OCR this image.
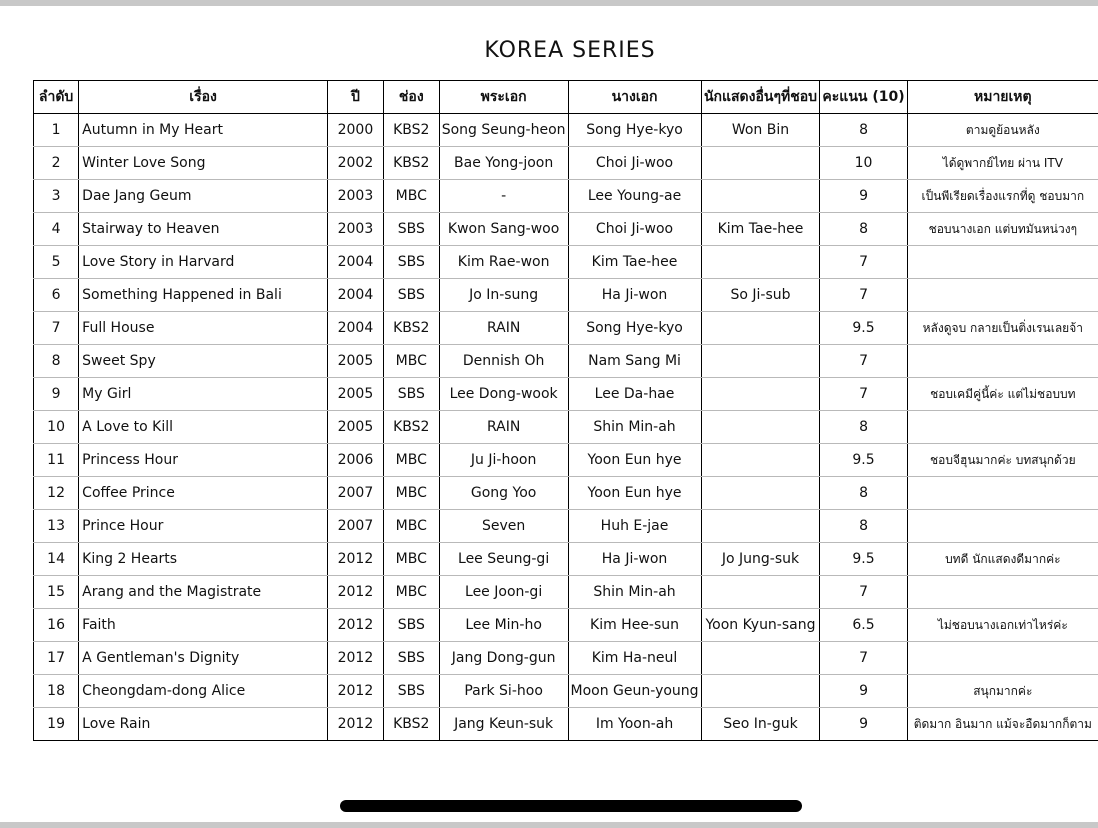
KOREA SERIES
ลำดับ	เรื่อง	ปี	ช่อง	พระเอก	นางเอก	นักแสดงอื่นๆที่ชอบ	คะแนน (10)	หมายเหตุ
1	Autumn in My Heart	2000	KBS2	Song Seung-heon	Song Hye-kyo	Won Bin	8	ตามดูย้อนหลัง
2	Winter Love Song	2002	KBS2	Bae Yong-joon	Choi Ji-woo		10	ได้ดูพากย์ไทย ผ่าน ITV
3	Dae Jang Geum	2003	MBC	-	Lee Young-ae		9	เป็นพีเรียดเรื่องแรกที่ดู ชอบมาก
4	Stairway to Heaven	2003	SBS	Kwon Sang-woo	Choi Ji-woo	Kim Tae-hee	8	ชอบนางเอก แต่บทมันหน่วงๆ
5	Love Story in Harvard	2004	SBS	Kim Rae-won	Kim Tae-hee		7	
6	Something Happened in Bali	2004	SBS	Jo In-sung	Ha Ji-won	So Ji-sub	7	
7	Full House	2004	KBS2	RAIN	Song Hye-kyo		9.5	หลังดูจบ กลายเป็นติ่งเรนเลยจ้า
8	Sweet Spy	2005	MBC	Dennish Oh	Nam Sang Mi		7	
9	My Girl	2005	SBS	Lee Dong-wook	Lee Da-hae		7	ชอบเคมีคู่นี้ค่ะ แต่ไม่ชอบบท
10	A Love to Kill	2005	KBS2	RAIN	Shin Min-ah		8	
11	Princess Hour	2006	MBC	Ju Ji-hoon	Yoon Eun hye		9.5	ชอบจีฮุนมากค่ะ บทสนุกด้วย
12	Coffee Prince	2007	MBC	Gong Yoo	Yoon Eun hye		8	
13	Prince Hour	2007	MBC	Seven	Huh E-jae		8	
14	King 2 Hearts	2012	MBC	Lee Seung-gi	Ha Ji-won	Jo Jung-suk	9.5	บทดี นักแสดงดีมากค่ะ
15	Arang and the Magistrate	2012	MBC	Lee Joon-gi	Shin Min-ah		7	
16	Faith	2012	SBS	Lee Min-ho	Kim Hee-sun	Yoon Kyun-sang	6.5	ไม่ชอบนางเอกเท่าไหร่ค่ะ
17	A Gentleman's Dignity	2012	SBS	Jang Dong-gun	Kim Ha-neul		7	
18	Cheongdam-dong Alice	2012	SBS	Park Si-hoo	Moon Geun-young		9	สนุกมากค่ะ
19	Love Rain	2012	KBS2	Jang Keun-suk	Im Yoon-ah	Seo In-guk	9	ติดมาก อินมาก แม้จะอืดมากก็ตาม
